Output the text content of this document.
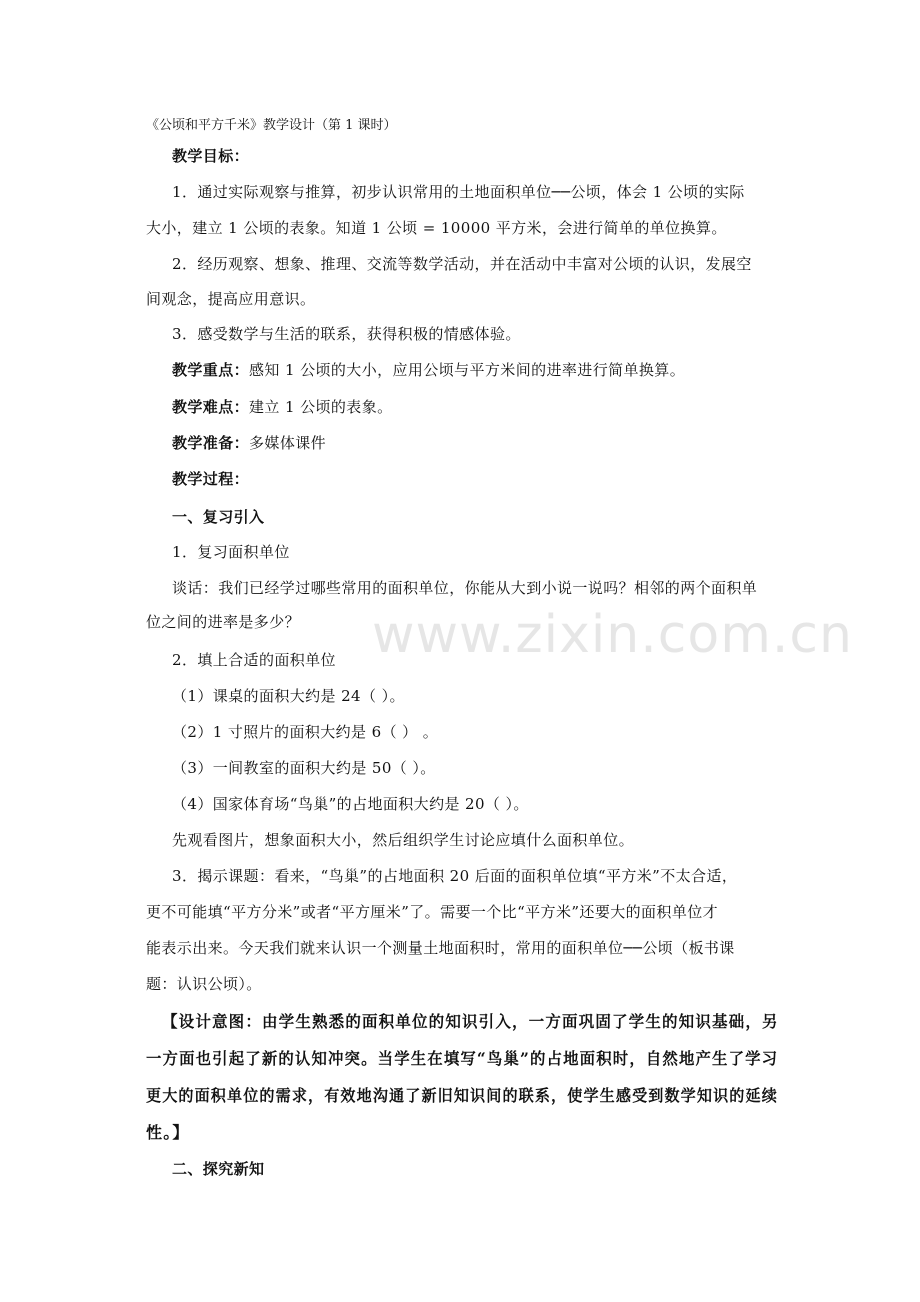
www.zixin.com.cn
《公顷和平方千米》教学设计（第 1 课时）
教学目标：
1．通过实际观察与推算，初步认识常用的土地面积单位──公顷，体会 1 公顷的实际
大小，建立 1 公顷的表象。知道 1 公顷 = 10000 平方米，会进行简单的单位换算。
2．经历观察、想象、推理、交流等数学活动，并在活动中丰富对公顷的认识，发展空
间观念，提高应用意识。
3．感受数学与生活的联系，获得积极的情感体验。
教学重点：感知 1 公顷的大小，应用公顷与平方米间的进率进行简单换算。
教学难点：建立 1 公顷的表象。
教学准备：多媒体课件
教学过程：
一、复习引入
1．复习面积单位
谈话：我们已经学过哪些常用的面积单位，你能从大到小说一说吗？相邻的两个面积单
位之间的进率是多少？
2．填上合适的面积单位
（1）课桌的面积大约是 24（ ）。
（2）1 寸照片的面积大约是 6（ ） 。
（3）一间教室的面积大约是 50（ ）。
（4）国家体育场“鸟巢”的占地面积大约是 20（ ）。
先观看图片，想象面积大小，然后组织学生讨论应填什么面积单位。
3．揭示课题：看来，“鸟巢”的占地面积 20 后面的面积单位填“平方米”不太合适，
更不可能填“平方分米”或者“平方厘米”了。需要一个比“平方米”还要大的面积单位才
能表示出来。今天我们就来认识一个测量土地面积时，常用的面积单位──公顷（板书课
题：认识公顷）。
【设计意图：由学生熟悉的面积单位的知识引入，一方面巩固了学生的知识基础，另
一方面也引起了新的认知冲突。当学生在填写“鸟巢”的占地面积时，自然地产生了学习
更大的面积单位的需求，有效地沟通了新旧知识间的联系，使学生感受到数学知识的延续
性。】
二、探究新知
